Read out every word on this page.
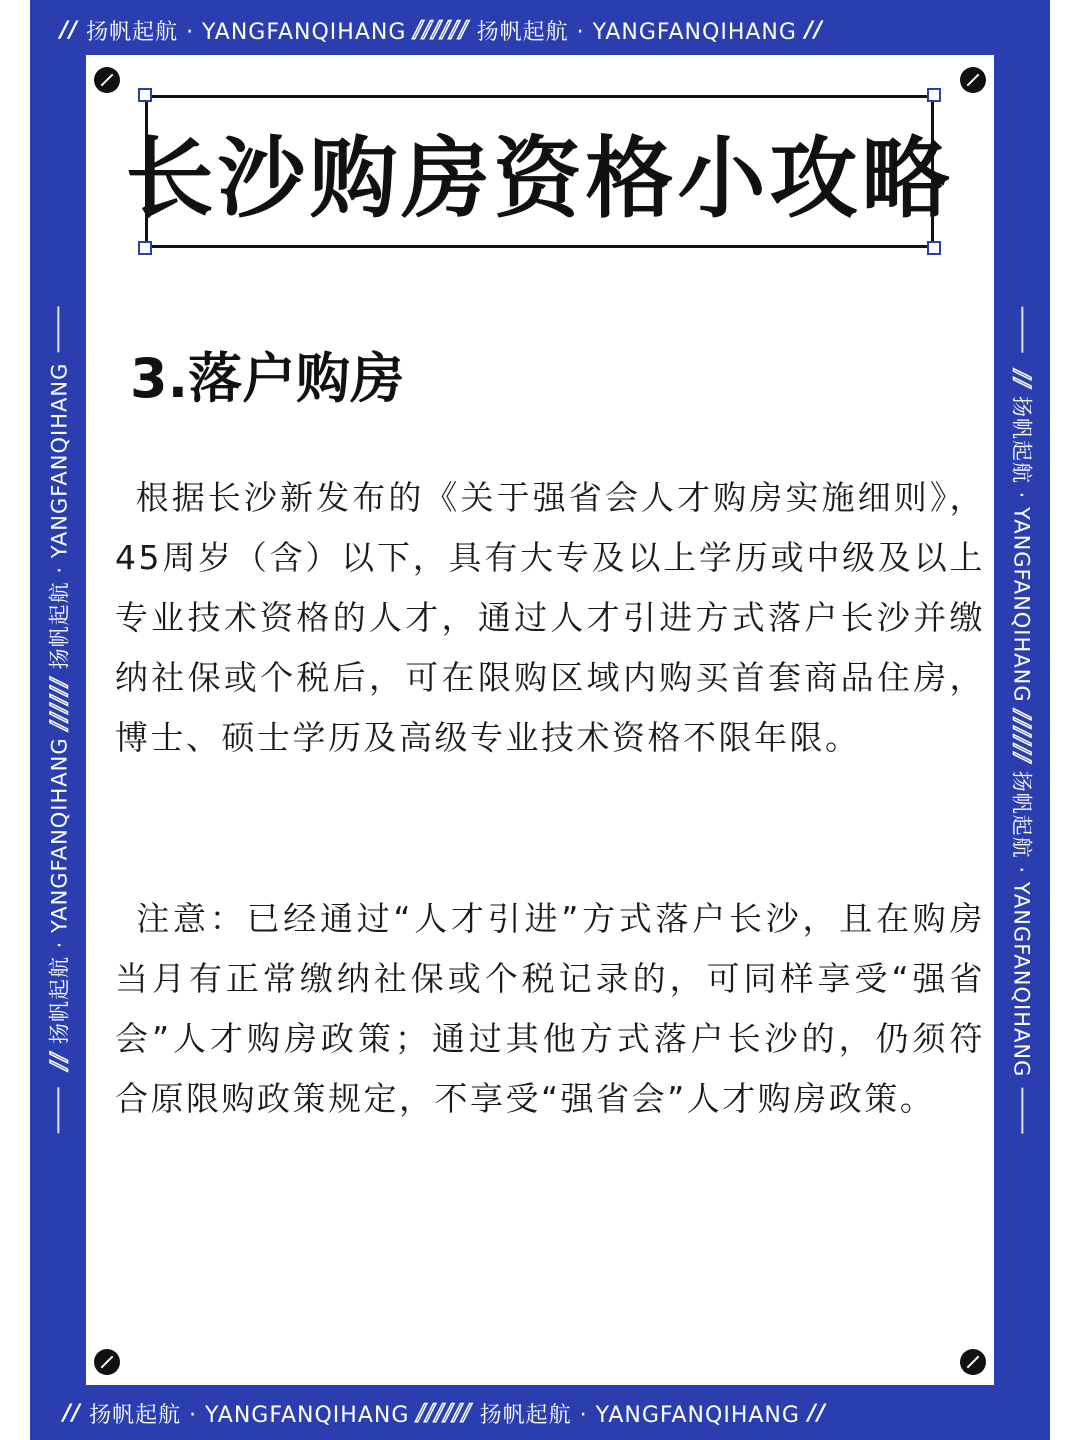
// 扬帆起航 · YANGFANQIHANG ////// 扬帆起航 · YANGFANQIHANG //
// 扬帆起航 · YANGFANQIHANG ////// 扬帆起航 · YANGFANQIHANG //
//
扬帆起航 · YANGFANQIHANG
//////
扬帆起航 · YANGFANQIHANG	//
扬帆起航 · YANGFANQIHANG
//////
扬帆起航 · YANGFANQIHANG
长沙购房资格小攻略
3.落户购房

根据长沙新发布的《关于强省会人才购房实施细则》，45周岁（含）以下，具有大专及以上学历或中级及以上专业技术资格的人才，通过人才引进方式落户长沙并缴纳社保或个税后，可在限购区域内购买首套商品住房，博士、硕士学历及高级专业技术资格不限年限。

注意：已经通过“人才引进”方式落户长沙，且在购房当月有正常缴纳社保或个税记录的，可同样享受“强省会”人才购房政策；通过其他方式落户长沙的，仍须符合原限购政策规定，不享受“强省会”人才购房政策。
